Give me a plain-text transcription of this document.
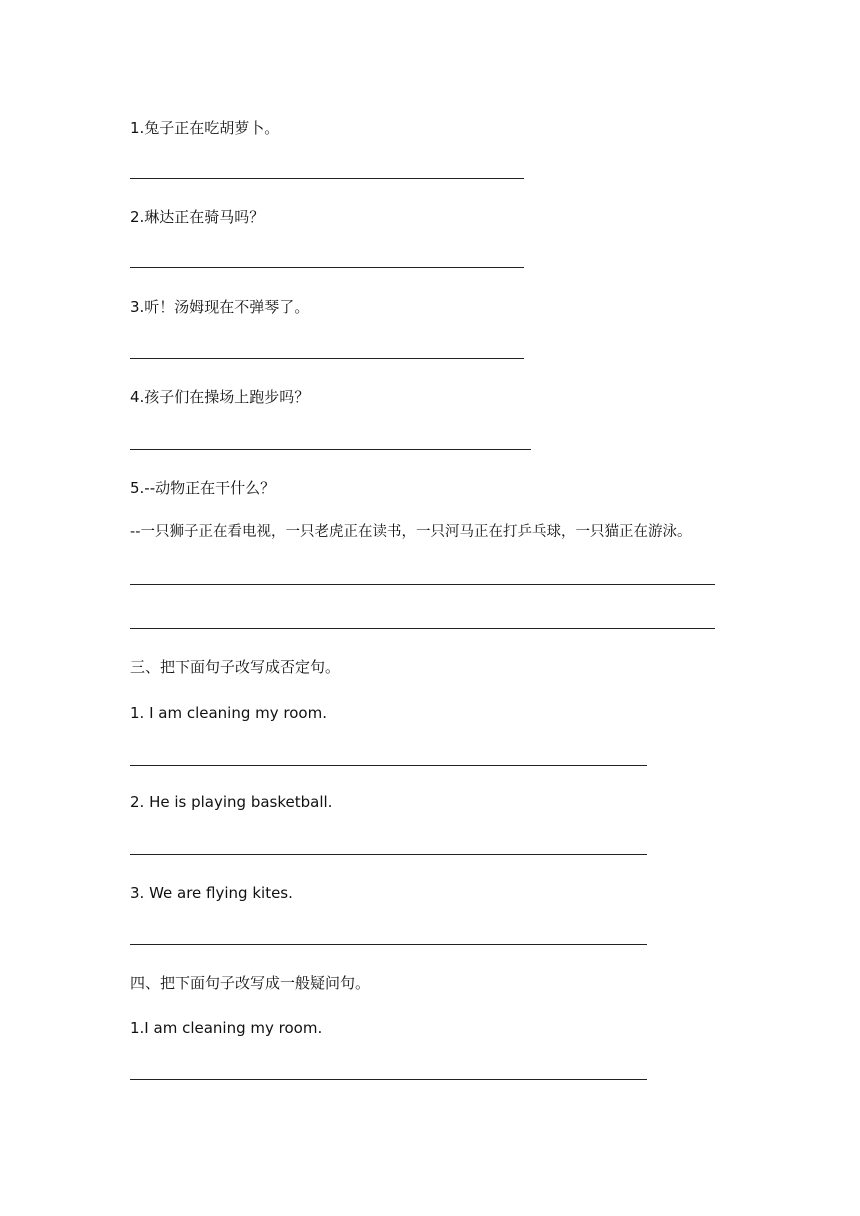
1.兔子正在吃胡萝卜。
2.琳达正在骑马吗？
3.听！汤姆现在不弹琴了。
4.孩子们在操场上跑步吗？
5.--动物正在干什么？
--一只狮子正在看电视，一只老虎正在读书，一只河马正在打乒乓球，一只猫正在游泳。
三、把下面句子改写成否定句。
1. I am cleaning my room.
2. He is playing basketball.
3. We are flying kites.
四、把下面句子改写成一般疑问句。
1.I am cleaning my room.
